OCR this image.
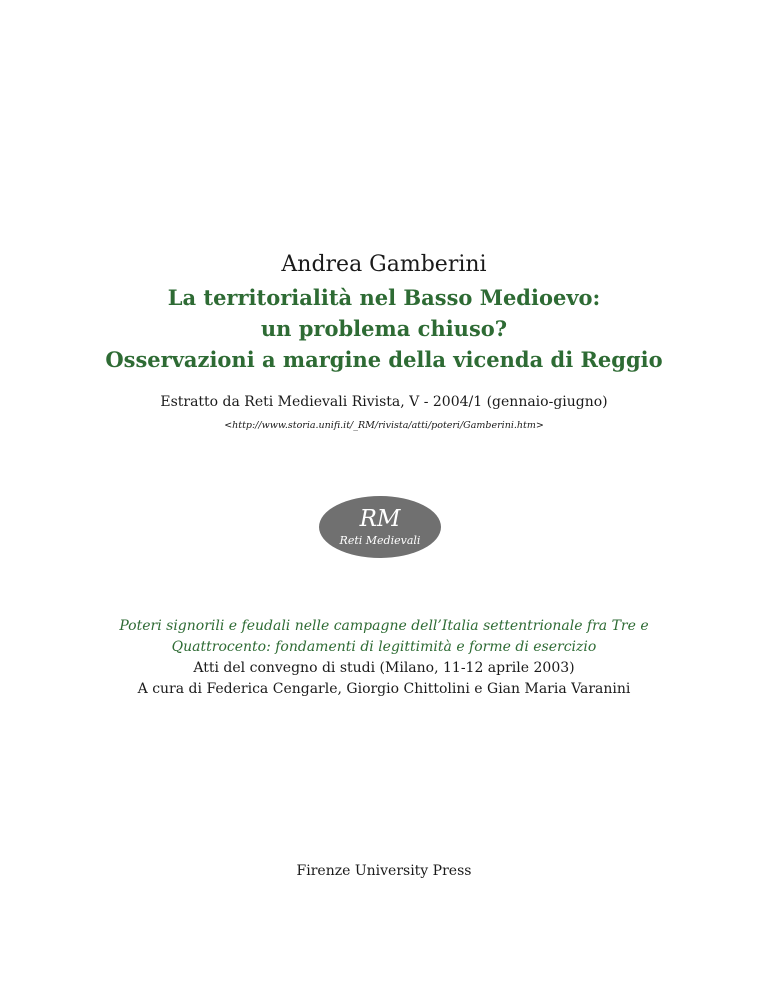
Andrea Gamberini
La territorialità nel Basso Medioevo:
un problema chiuso?
Osservazioni a margine della vicenda di Reggio
Estratto da Reti Medievali Rivista, V - 2004/1 (gennaio-giugno)
<http://www.storia.unifi.it/_RM/rivista/atti/poteri/Gamberini.htm>
RM
Reti Medievali
Poteri signorili e feudali nelle campagne dell’Italia settentrionale fra Tre e
Quattrocento: fondamenti di legittimità e forme di esercizio
Atti del convegno di studi (Milano, 11-12 aprile 2003)
A cura di Federica Cengarle, Giorgio Chittolini e Gian Maria Varanini
Firenze University Press
